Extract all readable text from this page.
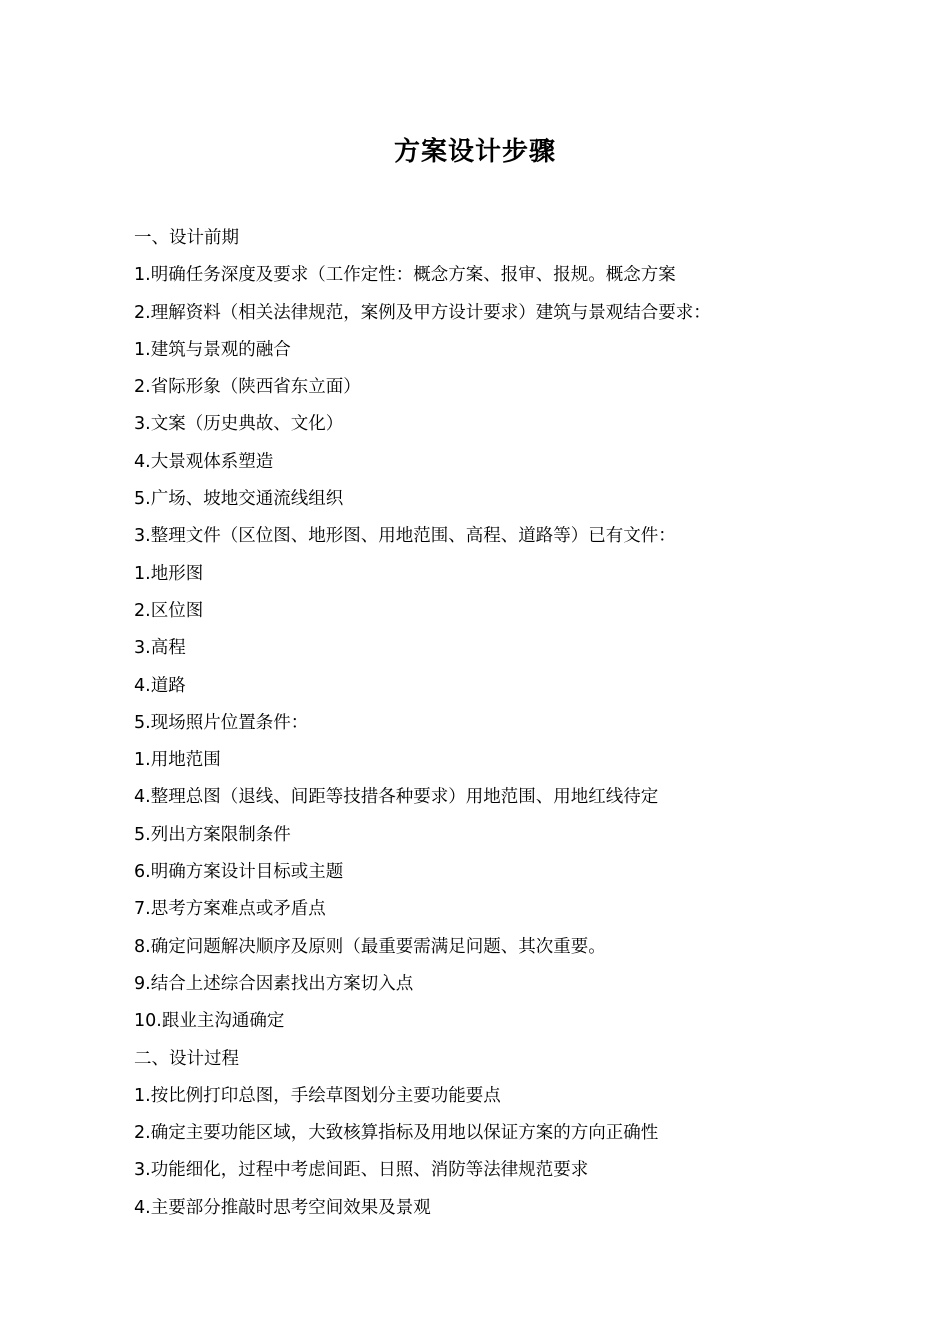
方案设计步骤
一、设计前期
1.明确任务深度及要求（工作定性：概念方案、报审、报规。概念方案
2.理解资料（相关法律规范，案例及甲方设计要求）建筑与景观结合要求：
1.建筑与景观的融合
2.省际形象（陕西省东立面）
3.文案（历史典故、文化）
4.大景观体系塑造
5.广场、坡地交通流线组织
3.整理文件（区位图、地形图、用地范围、高程、道路等）已有文件：
1.地形图
2.区位图
3.高程
4.道路
5.现场照片位置条件：
1.用地范围
4.整理总图（退线、间距等技措各种要求）用地范围、用地红线待定
5.列出方案限制条件
6.明确方案设计目标或主题
7.思考方案难点或矛盾点
8.确定问题解决顺序及原则（最重要需满足问题、其次重要。
9.结合上述综合因素找出方案切入点
10.跟业主沟通确定
二、设计过程
1.按比例打印总图，手绘草图划分主要功能要点
2.确定主要功能区域，大致核算指标及用地以保证方案的方向正确性
3.功能细化，过程中考虑间距、日照、消防等法律规范要求
4.主要部分推敲时思考空间效果及景观
